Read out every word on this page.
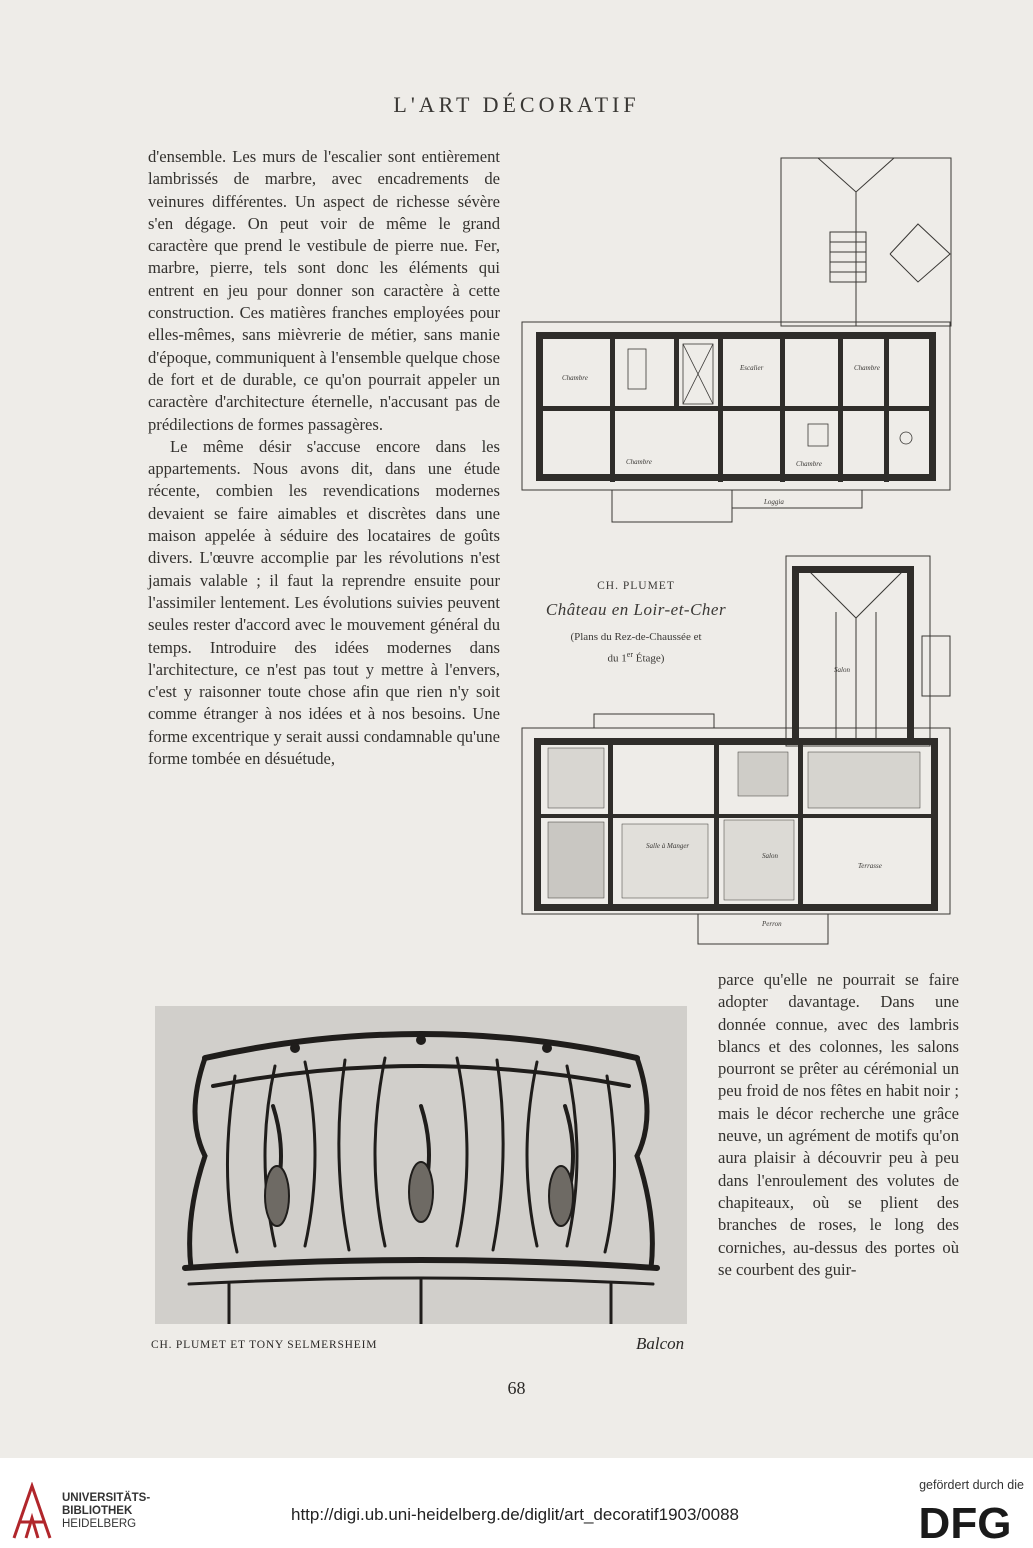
L'ART DÉCORATIF

d'ensemble. Les murs de l'escalier sont entièrement lambrissés de marbre, avec encadrements de veinures différentes. Un aspect de richesse sévère s'en dégage. On peut voir de même le grand caractère que prend le vestibule de pierre nue. Fer, marbre, pierre, tels sont donc les éléments qui entrent en jeu pour donner son caractère à cette construction. Ces matières franches employées pour elles-mêmes, sans mièvrerie de métier, sans manie d'époque, communiquent à l'ensemble quelque chose de fort et de durable, ce qu'on pourrait appeler un caractère d'architecture éternelle, n'accusant pas de prédilections de formes passagères.

Le même désir s'accuse encore dans les appartements. Nous avons dit, dans une étude récente, combien les revendications modernes devaient se faire aimables et discrètes dans une maison appelée à séduire des locataires de goûts divers. L'œuvre accomplie par les révolutions n'est jamais valable ; il faut la reprendre ensuite pour l'assimiler lentement. Les évolutions suivies peuvent seules rester d'accord avec le mouvement général du temps. Introduire des idées modernes dans l'architecture, ce n'est pas tout y mettre à l'envers, c'est y raisonner toute chose afin que rien n'y soit comme étranger à nos idées et à nos besoins. Une forme excentrique y serait aussi condamnable qu'une forme tombée en désuétude,

Chambre
Escalier	Chambre
Chambre	Chambre
Loggia
Salon
Salle à Manger
Salon
Terrasse
Perron
CH. PLUMET
Château en Loir-et-Cher
(Plans du Rez-de-Chaussée et
du 1er Étage)

parce qu'elle ne pourrait se faire adopter davantage. Dans une donnée connue, avec des lambris blancs et des colonnes, les salons pourront se prêter au cérémonial un peu froid de nos fêtes en habit noir ; mais le décor recherche une grâce neuve, un agrément de motifs qu'on aura plaisir à découvrir peu à peu dans l'enroulement des volutes de chapiteaux, où se plient des branches de roses, le long des corniches, au-dessus des portes où se courbent des guir-

CH. PLUMET ET TONY SELMERSHEIM	Balcon
68
UNIVERSITÄTS-
BIBLIOTHEK
HEIDELBERG	http://digi.ub.uni-heidelberg.de/diglit/art_decoratif1903/0088
gefördert durch die
DFG
